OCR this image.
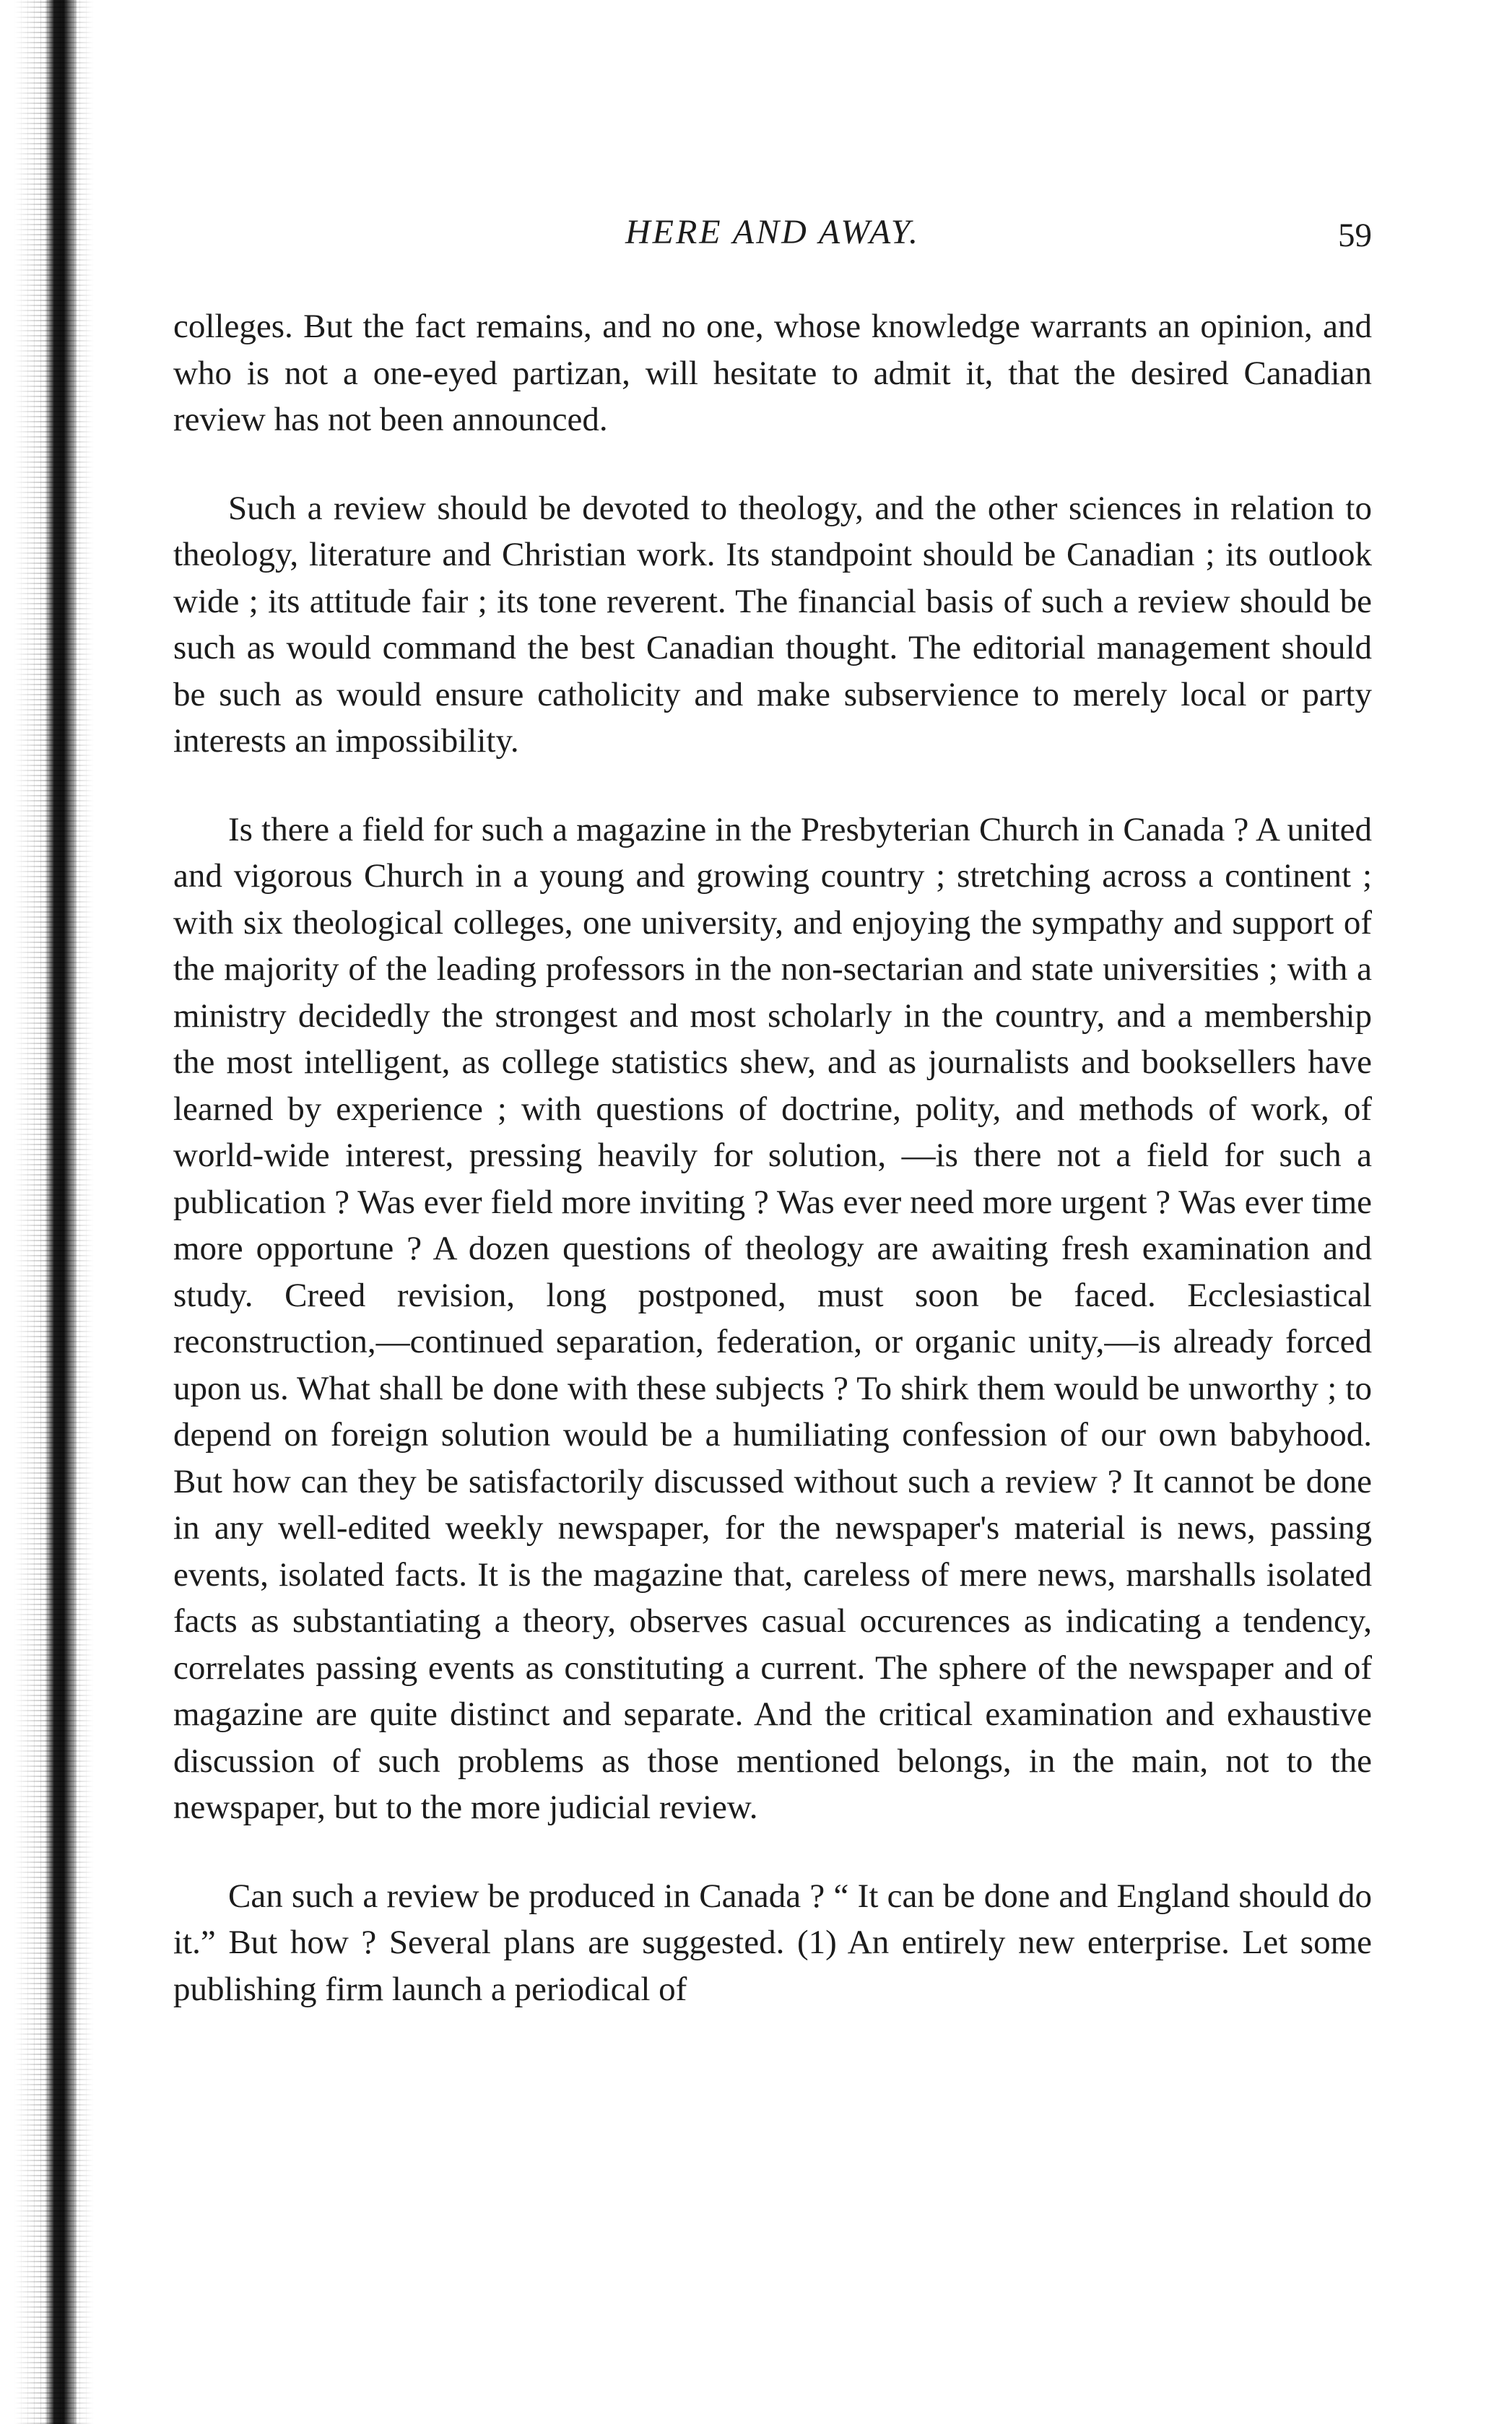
HERE AND AWAY.	59

colleges. But the fact remains, and no one, whose knowledge warrants an opinion, and who is not a one-eyed partizan, will hesitate to admit it, that the desired Canadian review has not been announced.

Such a review should be devoted to theology, and the other sciences in relation to theology, literature and Christian work. Its standpoint should be Canadian ; its outlook wide ; its attitude fair ; its tone reverent. The financial basis of such a review should be such as would command the best Canadian thought. The editorial management should be such as would ensure catholicity and make subservience to merely local or party interests an impossibility.

Is there a field for such a magazine in the Presbyterian Church in Canada ? A united and vigorous Church in a young and growing country ; stretching across a continent ; with six theological colleges, one university, and enjoying the sympathy and support of the majority of the leading professors in the non-sectarian and state universities ; with a ministry decidedly the strongest and most scholarly in the country, and a membership the most intelligent, as college statistics shew, and as journalists and booksellers have learned by experience ; with questions of doctrine, polity, and methods of work, of world-wide interest, pressing heavily for solution, —is there not a field for such a publication ? Was ever field more inviting ? Was ever need more urgent ? Was ever time more opportune ? A dozen questions of theology are awaiting fresh examination and study. Creed revision, long postponed, must soon be faced. Ecclesiastical reconstruction,—continued separation, federation, or organic unity,—is already forced upon us. What shall be done with these subjects ? To shirk them would be unworthy ; to depend on foreign solution would be a humiliating confession of our own babyhood. But how can they be satisfactorily discussed without such a review ? It cannot be done in any well-edited weekly newspaper, for the newspaper's material is news, passing events, isolated facts. It is the magazine that, careless of mere news, marshalls isolated facts as substantiating a theory, observes casual occurences as indicating a tendency, correlates passing events as constituting a current. The sphere of the newspaper and of magazine are quite distinct and separate. And the critical examination and exhaustive discussion of such problems as those mentioned belongs, in the main, not to the newspaper, but to the more judicial review.

Can such a review be produced in Canada ? “ It can be done and England should do it.” But how ? Several plans are suggested. (1) An entirely new enterprise. Let some publishing firm launch a periodical of
